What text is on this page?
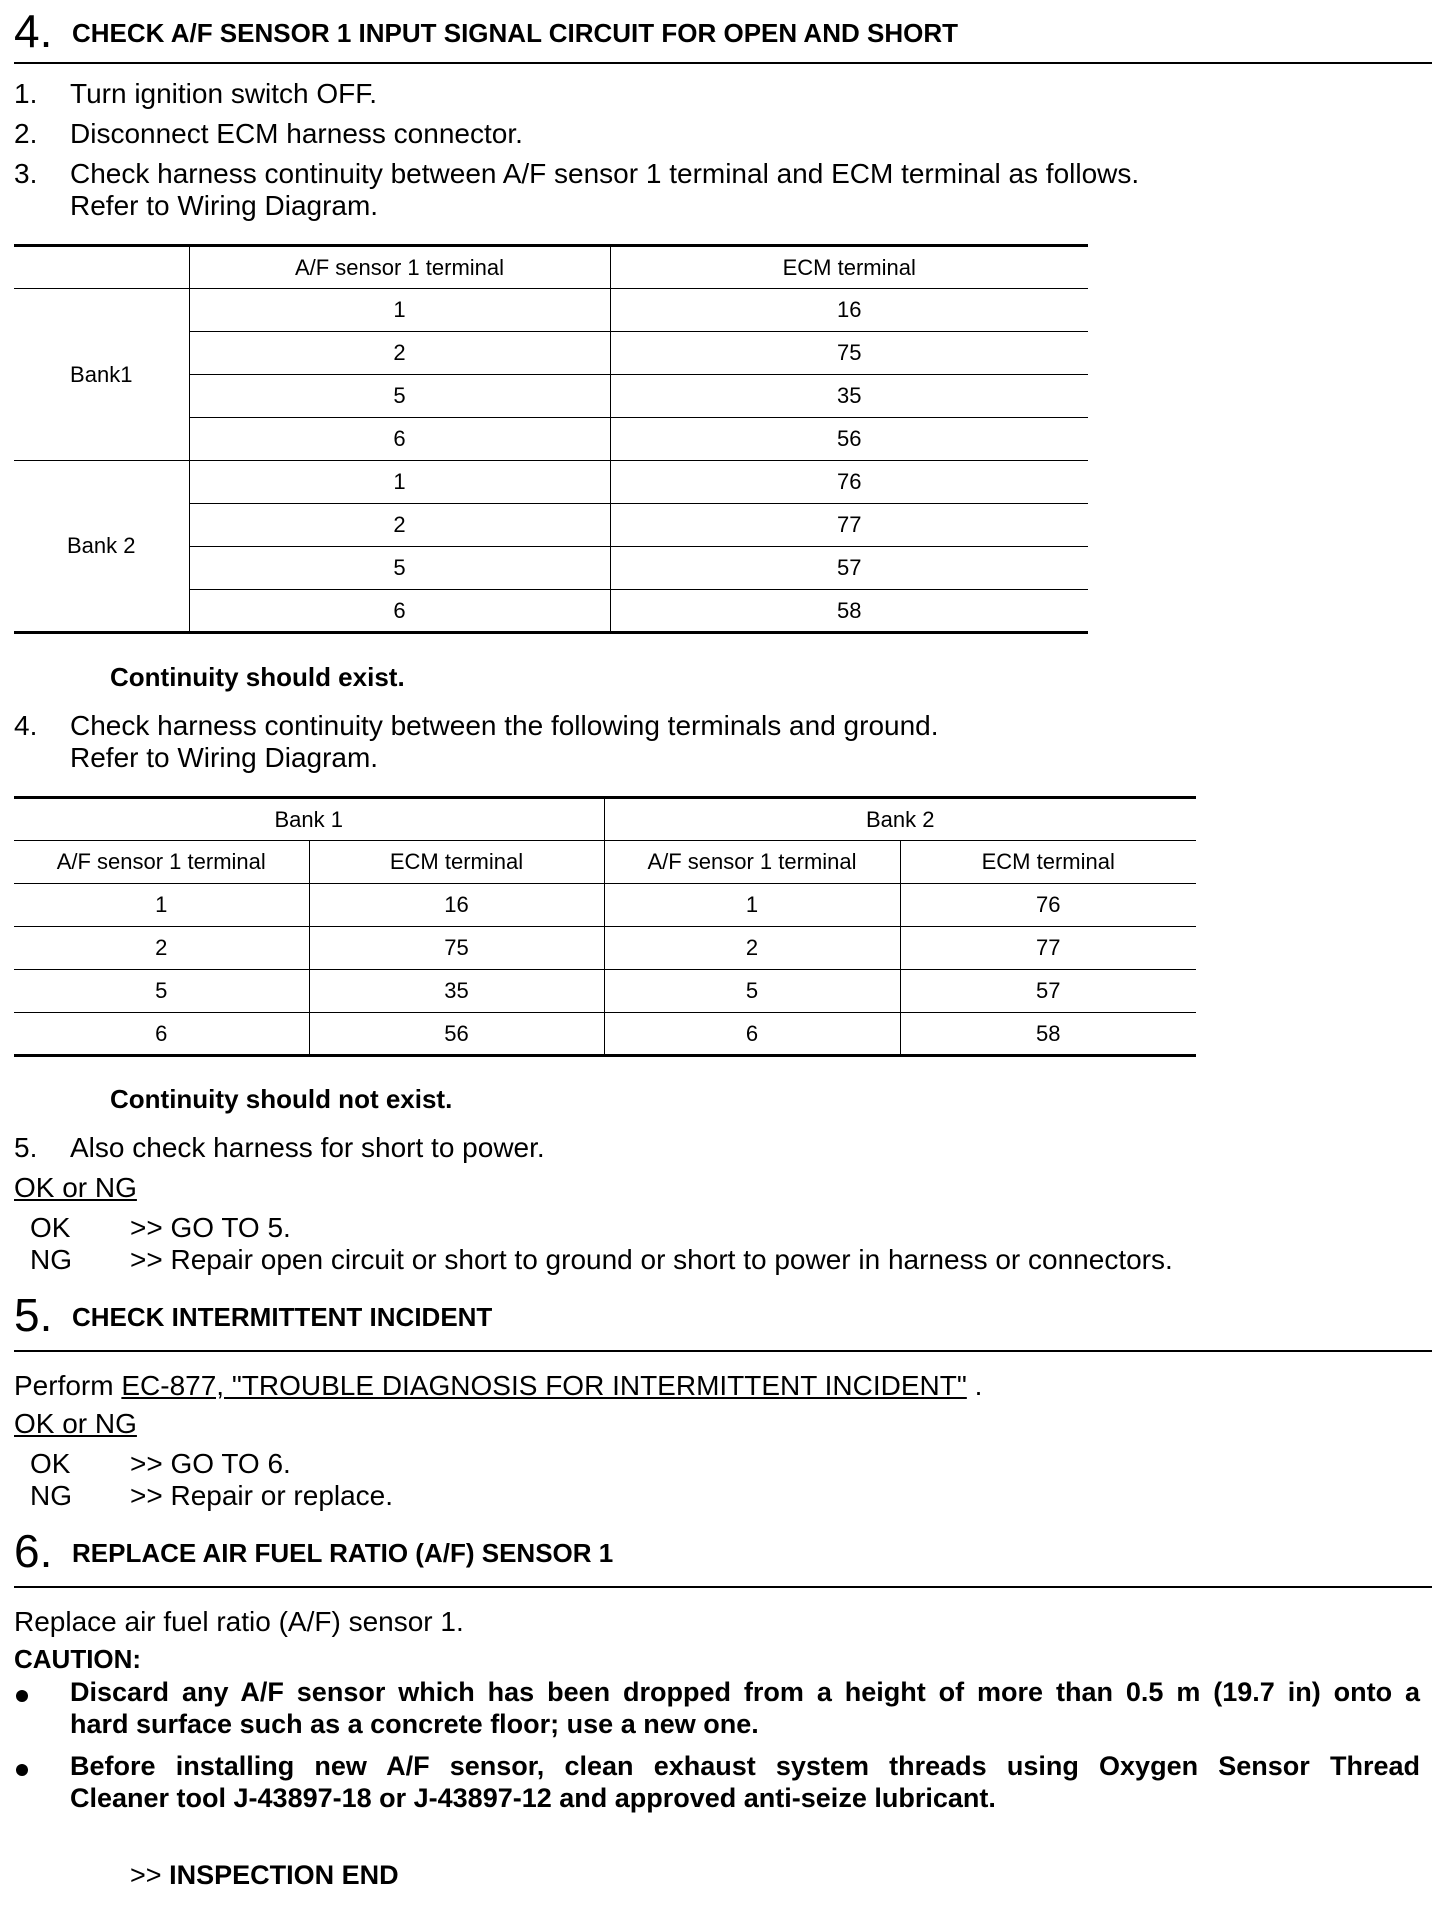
4. CHECK A/F SENSOR 1 INPUT SIGNAL CIRCUIT FOR OPEN AND SHORT
1. Turn ignition switch OFF.
2. Disconnect ECM harness connector.
3. Check harness continuity between A/F sensor 1 terminal and ECM terminal as follows.
Refer to Wiring Diagram.
	A/F sensor 1 terminal	ECM terminal
Bank1	1	16
	2	75
	5	35
	6	56
Bank 2	1	76
	2	77
	5	57
	6	58
Continuity should exist.
4. Check harness continuity between the following terminals and ground.
Refer to Wiring Diagram.
Bank 1		Bank 2	
A/F sensor 1 terminal	ECM terminal	A/F sensor 1 terminal	ECM terminal
1	16	1	76
2	75	2	77
5	35	5	57
6	56	6	58
Continuity should not exist.
5. Also check harness for short to power.
OK or NG
OK >> GO TO 5.
NG >> Repair open circuit or short to ground or short to power in harness or connectors.
5. CHECK INTERMITTENT INCIDENT
Perform EC-877, "TROUBLE DIAGNOSIS FOR INTERMITTENT INCIDENT" .
OK or NG
OK >> GO TO 6.
NG >> Repair or replace.
6. REPLACE AIR FUEL RATIO (A/F) SENSOR 1
Replace air fuel ratio (A/F) sensor 1.
CAUTION:
Discard any A/F sensor which has been dropped from a height of more than 0.5 m (19.7 in) onto a
hard surface such as a concrete floor; use a new one.
Before installing new A/F sensor, clean exhaust system threads using Oxygen Sensor Thread
Cleaner tool J-43897-18 or J-43897-12 and approved anti-seize lubricant.
>> INSPECTION END
